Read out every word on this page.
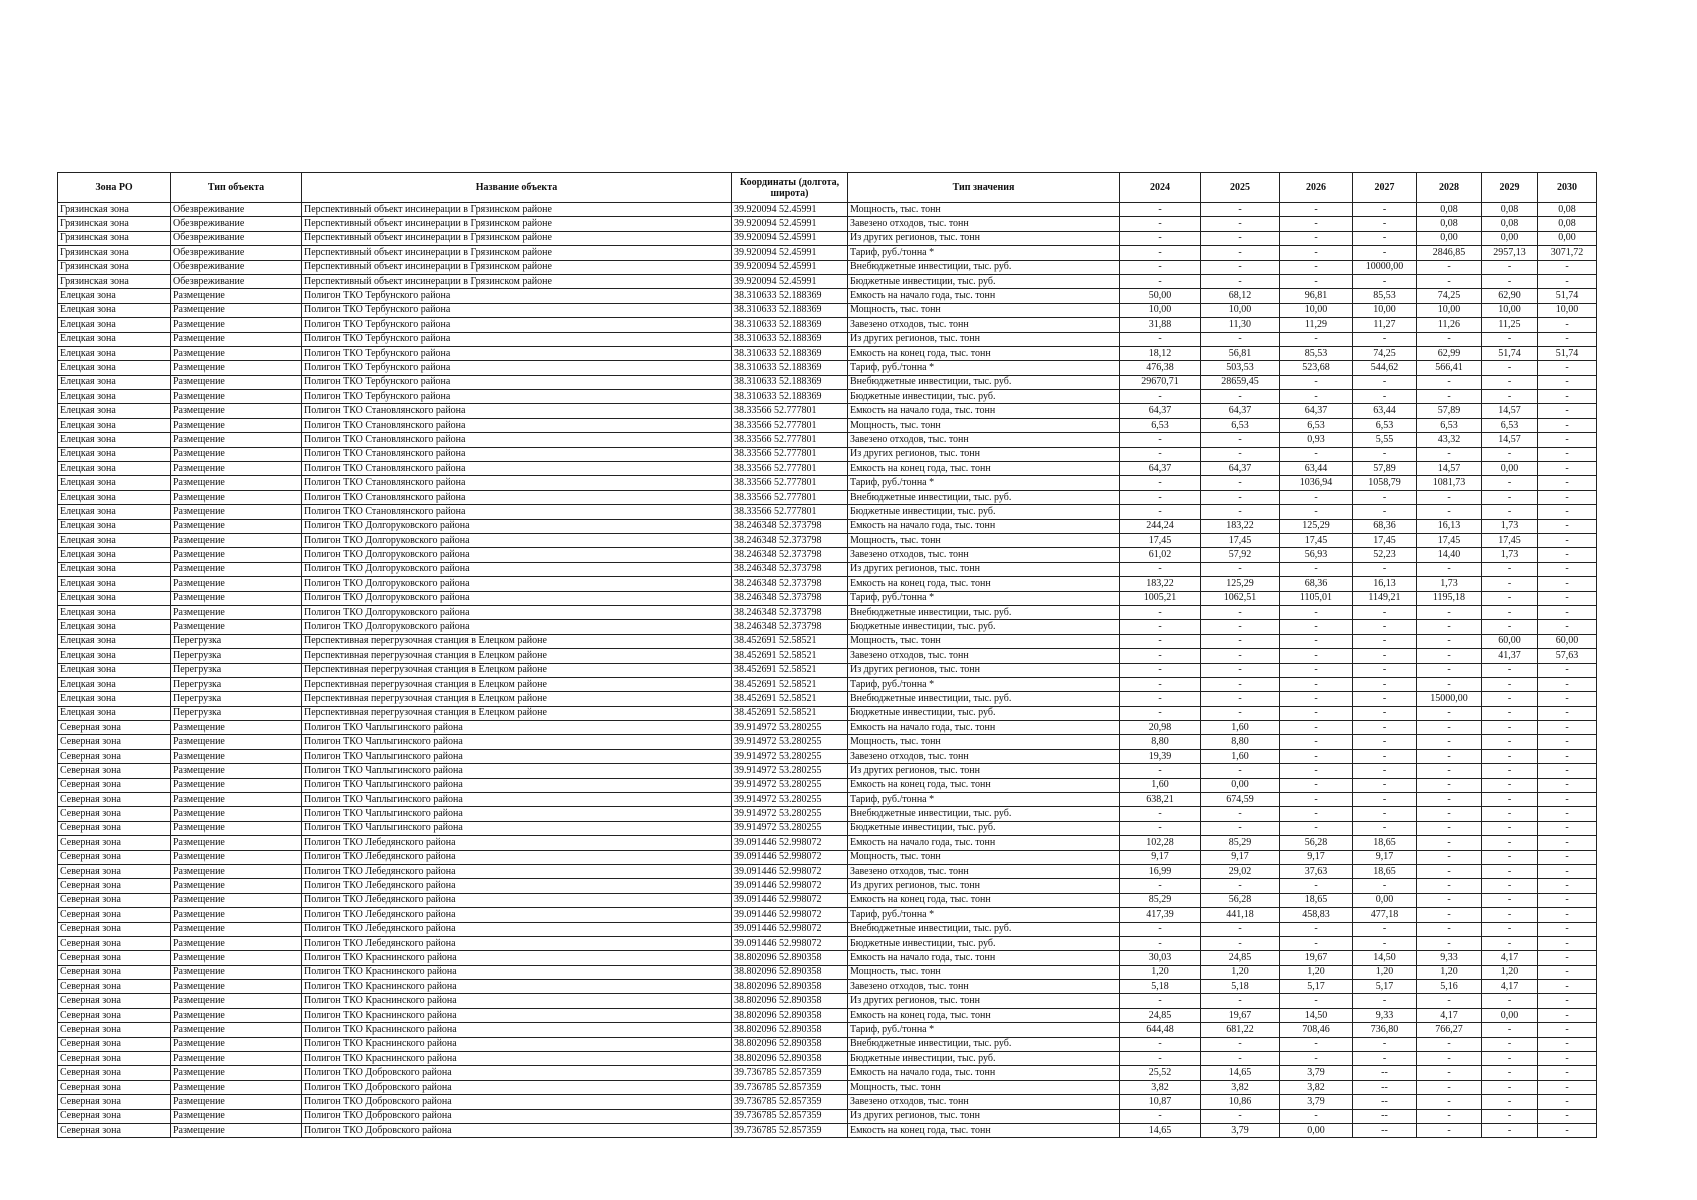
Зона РО	Тип объекта	Название объекта	Координаты (долгота, широта)	Тип значения	2024	2025	2026	2027	2028	2029	2030
Грязинская зона	Обезвреживание	Перспективный объект инсинерации в Грязинском районе	39.920094 52.45991	Мощность, тыс. тонн	-	-	-	-	0,08	0,08	0,08
Грязинская зона	Обезвреживание	Перспективный объект инсинерации в Грязинском районе	39.920094 52.45991	Завезено отходов, тыс. тонн	-	-	-	-	0,08	0,08	0,08
Грязинская зона	Обезвреживание	Перспективный объект инсинерации в Грязинском районе	39.920094 52.45991	Из других регионов, тыс. тонн	-	-	-	-	0,00	0,00	0,00
Грязинская зона	Обезвреживание	Перспективный объект инсинерации в Грязинском районе	39.920094 52.45991	Тариф, руб./тонна *	-	-	-	-	2846,85	2957,13	3071,72
Грязинская зона	Обезвреживание	Перспективный объект инсинерации в Грязинском районе	39.920094 52.45991	Внебюджетные инвестиции, тыс. руб.	-	-	-	10000,00	-	-	-
Грязинская зона	Обезвреживание	Перспективный объект инсинерации в Грязинском районе	39.920094 52.45991	Бюджетные инвестиции, тыс. руб.	-	-	-	-	-	-	-
Елецкая зона	Размещение	Полигон ТКО Тербунского района	38.310633 52.188369	Емкость на начало года, тыс. тонн	50,00	68,12	96,81	85,53	74,25	62,90	51,74
Елецкая зона	Размещение	Полигон ТКО Тербунского района	38.310633 52.188369	Мощность, тыс. тонн	10,00	10,00	10,00	10,00	10,00	10,00	10,00
Елецкая зона	Размещение	Полигон ТКО Тербунского района	38.310633 52.188369	Завезено отходов, тыс. тонн	31,88	11,30	11,29	11,27	11,26	11,25	-
Елецкая зона	Размещение	Полигон ТКО Тербунского района	38.310633 52.188369	Из других регионов, тыс. тонн	-	-	-	-	-	-	-
Елецкая зона	Размещение	Полигон ТКО Тербунского района	38.310633 52.188369	Емкость на конец года, тыс. тонн	18,12	56,81	85,53	74,25	62,99	51,74	51,74
Елецкая зона	Размещение	Полигон ТКО Тербунского района	38.310633 52.188369	Тариф, руб./тонна *	476,38	503,53	523,68	544,62	566,41	-	-
Елецкая зона	Размещение	Полигон ТКО Тербунского района	38.310633 52.188369	Внебюджетные инвестиции, тыс. руб.	29670,71	28659,45	-	-	-	-	-
Елецкая зона	Размещение	Полигон ТКО Тербунского района	38.310633 52.188369	Бюджетные инвестиции, тыс. руб.	-	-	-	-	-	-	-
Елецкая зона	Размещение	Полигон ТКО Становлянского района	38.33566 52.777801	Емкость на начало года, тыс. тонн	64,37	64,37	64,37	63,44	57,89	14,57	-
Елецкая зона	Размещение	Полигон ТКО Становлянского района	38.33566 52.777801	Мощность, тыс. тонн	6,53	6,53	6,53	6,53	6,53	6,53	-
Елецкая зона	Размещение	Полигон ТКО Становлянского района	38.33566 52.777801	Завезено отходов, тыс. тонн	-	-	0,93	5,55	43,32	14,57	-
Елецкая зона	Размещение	Полигон ТКО Становлянского района	38.33566 52.777801	Из других регионов, тыс. тонн	-	-	-	-	-	-	-
Елецкая зона	Размещение	Полигон ТКО Становлянского района	38.33566 52.777801	Емкость на конец года, тыс. тонн	64,37	64,37	63,44	57,89	14,57	0,00	-
Елецкая зона	Размещение	Полигон ТКО Становлянского района	38.33566 52.777801	Тариф, руб./тонна *	-	-	1036,94	1058,79	1081,73	-	-
Елецкая зона	Размещение	Полигон ТКО Становлянского района	38.33566 52.777801	Внебюджетные инвестиции, тыс. руб.	-	-	-	-	-	-	-
Елецкая зона	Размещение	Полигон ТКО Становлянского района	38.33566 52.777801	Бюджетные инвестиции, тыс. руб.	-	-	-	-	-	-	-
Елецкая зона	Размещение	Полигон ТКО Долгоруковского района	38.246348 52.373798	Емкость на начало года, тыс. тонн	244,24	183,22	125,29	68,36	16,13	1,73	-
Елецкая зона	Размещение	Полигон ТКО Долгоруковского района	38.246348 52.373798	Мощность, тыс. тонн	17,45	17,45	17,45	17,45	17,45	17,45	-
Елецкая зона	Размещение	Полигон ТКО Долгоруковского района	38.246348 52.373798	Завезено отходов, тыс. тонн	61,02	57,92	56,93	52,23	14,40	1,73	-
Елецкая зона	Размещение	Полигон ТКО Долгоруковского района	38.246348 52.373798	Из других регионов, тыс. тонн	-	-	-	-	-	-	-
Елецкая зона	Размещение	Полигон ТКО Долгоруковского района	38.246348 52.373798	Емкость на конец года, тыс. тонн	183,22	125,29	68,36	16,13	1,73	-	-
Елецкая зона	Размещение	Полигон ТКО Долгоруковского района	38.246348 52.373798	Тариф, руб./тонна *	1005,21	1062,51	1105,01	1149,21	1195,18	-	-
Елецкая зона	Размещение	Полигон ТКО Долгоруковского района	38.246348 52.373798	Внебюджетные инвестиции, тыс. руб.	-	-	-	-	-	-	-
Елецкая зона	Размещение	Полигон ТКО Долгоруковского района	38.246348 52.373798	Бюджетные инвестиции, тыс. руб.	-	-	-	-	-	-	-
Елецкая зона	Перегрузка	Перспективная перегрузочная станция в Елецком районе	38.452691 52.58521	Мощность, тыс. тонн	-	-	-	-	-	60,00	60,00
Елецкая зона	Перегрузка	Перспективная перегрузочная станция в Елецком районе	38.452691 52.58521	Завезено отходов, тыс. тонн	-	-	-	-	-	41,37	57,63
Елецкая зона	Перегрузка	Перспективная перегрузочная станция в Елецком районе	38.452691 52.58521	Из других регионов, тыс. тонн	-	-	-	-	-	-	-
Елецкая зона	Перегрузка	Перспективная перегрузочная станция в Елецком районе	38.452691 52.58521	Тариф, руб./тонна *	-	-	-	-	-	-	-
Елецкая зона	Перегрузка	Перспективная перегрузочная станция в Елецком районе	38.452691 52.58521	Внебюджетные инвестиции, тыс. руб.	-	-	-	-	15000,00	-	-
Елецкая зона	Перегрузка	Перспективная перегрузочная станция в Елецком районе	38.452691 52.58521	Бюджетные инвестиции, тыс. руб.	-	-	-	-	-	-	-
Северная зона	Размещение	Полигон ТКО Чаплыгинского района	39.914972 53.280255	Емкость на начало года, тыс. тонн	20,98	1,60	-	-	-	-	-
Северная зона	Размещение	Полигон ТКО Чаплыгинского района	39.914972 53.280255	Мощность, тыс. тонн	8,80	8,80	-	-	-	-	-
Северная зона	Размещение	Полигон ТКО Чаплыгинского района	39.914972 53.280255	Завезено отходов, тыс. тонн	19,39	1,60	-	-	-	-	-
Северная зона	Размещение	Полигон ТКО Чаплыгинского района	39.914972 53.280255	Из других регионов, тыс. тонн	-	-	-	-	-	-	-
Северная зона	Размещение	Полигон ТКО Чаплыгинского района	39.914972 53.280255	Емкость на конец года, тыс. тонн	1,60	0,00	-	-	-	-	-
Северная зона	Размещение	Полигон ТКО Чаплыгинского района	39.914972 53.280255	Тариф, руб./тонна *	638,21	674,59	-	-	-	-	-
Северная зона	Размещение	Полигон ТКО Чаплыгинского района	39.914972 53.280255	Внебюджетные инвестиции, тыс. руб.	-	-	-	-	-	-	-
Северная зона	Размещение	Полигон ТКО Чаплыгинского района	39.914972 53.280255	Бюджетные инвестиции, тыс. руб.	-	-	-	-	-	-	-
Северная зона	Размещение	Полигон ТКО Лебедянского района	39.091446 52.998072	Емкость на начало года, тыс. тонн	102,28	85,29	56,28	18,65	-	-	-
Северная зона	Размещение	Полигон ТКО Лебедянского района	39.091446 52.998072	Мощность, тыс. тонн	9,17	9,17	9,17	9,17	-	-	-
Северная зона	Размещение	Полигон ТКО Лебедянского района	39.091446 52.998072	Завезено отходов, тыс. тонн	16,99	29,02	37,63	18,65	-	-	-
Северная зона	Размещение	Полигон ТКО Лебедянского района	39.091446 52.998072	Из других регионов, тыс. тонн	-	-	-	-	-	-	-
Северная зона	Размещение	Полигон ТКО Лебедянского района	39.091446 52.998072	Емкость на конец года, тыс. тонн	85,29	56,28	18,65	0,00	-	-	-
Северная зона	Размещение	Полигон ТКО Лебедянского района	39.091446 52.998072	Тариф, руб./тонна *	417,39	441,18	458,83	477,18	-	-	-
Северная зона	Размещение	Полигон ТКО Лебедянского района	39.091446 52.998072	Внебюджетные инвестиции, тыс. руб.	-	-	-	-	-	-	-
Северная зона	Размещение	Полигон ТКО Лебедянского района	39.091446 52.998072	Бюджетные инвестиции, тыс. руб.	-	-	-	-	-	-	-
Северная зона	Размещение	Полигон ТКО Краснинского района	38.802096 52.890358	Емкость на начало года, тыс. тонн	30,03	24,85	19,67	14,50	9,33	4,17	-
Северная зона	Размещение	Полигон ТКО Краснинского района	38.802096 52.890358	Мощность, тыс. тонн	1,20	1,20	1,20	1,20	1,20	1,20	-
Северная зона	Размещение	Полигон ТКО Краснинского района	38.802096 52.890358	Завезено отходов, тыс. тонн	5,18	5,18	5,17	5,17	5,16	4,17	-
Северная зона	Размещение	Полигон ТКО Краснинского района	38.802096 52.890358	Из других регионов, тыс. тонн	-	-	-	-	-	-	-
Северная зона	Размещение	Полигон ТКО Краснинского района	38.802096 52.890358	Емкость на конец года, тыс. тонн	24,85	19,67	14,50	9,33	4,17	0,00	-
Северная зона	Размещение	Полигон ТКО Краснинского района	38.802096 52.890358	Тариф, руб./тонна *	644,48	681,22	708,46	736,80	766,27	-	-
Северная зона	Размещение	Полигон ТКО Краснинского района	38.802096 52.890358	Внебюджетные инвестиции, тыс. руб.	-	-	-	-	-	-	-
Северная зона	Размещение	Полигон ТКО Краснинского района	38.802096 52.890358	Бюджетные инвестиции, тыс. руб.	-	-	-	-	-	-	-
Северная зона	Размещение	Полигон ТКО Добровского района	39.736785 52.857359	Емкость на начало года, тыс. тонн	25,52	14,65	3,79	--	-	-	-
Северная зона	Размещение	Полигон ТКО Добровского района	39.736785 52.857359	Мощность, тыс. тонн	3,82	3,82	3,82	--	-	-	-
Северная зона	Размещение	Полигон ТКО Добровского района	39.736785 52.857359	Завезено отходов, тыс. тонн	10,87	10,86	3,79	--	-	-	-
Северная зона	Размещение	Полигон ТКО Добровского района	39.736785 52.857359	Из других регионов, тыс. тонн	-	-	-	--	-	-	-
Северная зона	Размещение	Полигон ТКО Добровского района	39.736785 52.857359	Емкость на конец года, тыс. тонн	14,65	3,79	0,00	--	-	-	-
